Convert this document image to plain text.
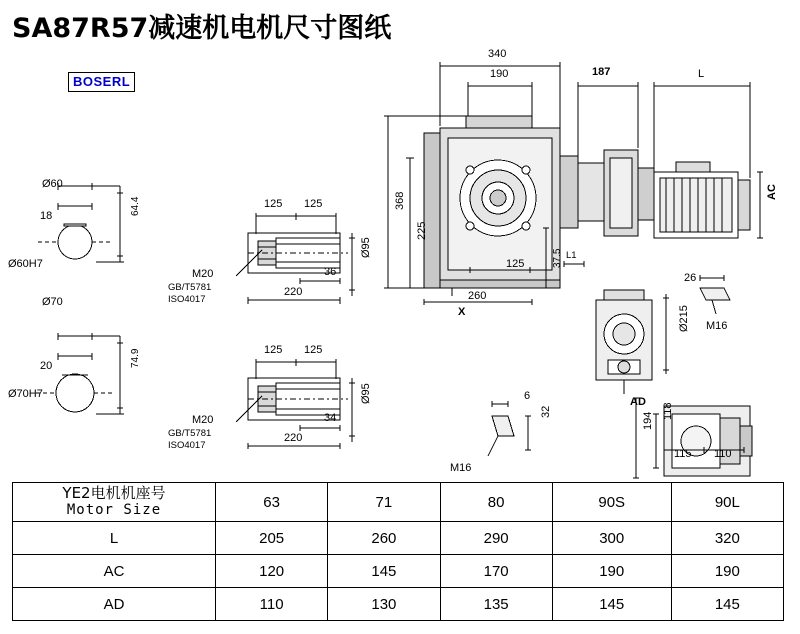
SA87R57减速机电机尺寸图纸
BOSERL
340
190	187	L
368
225
37.5
AC
125
260
X
L1
Ø215
26
M16
AD
194
118
115 110
6
32
M16
Ø60
18	64.4
Ø60H7
Ø70
20	74.9
Ø70H7
125 125
36
220
Ø95
M20
GB/T5781
ISO4017
125 125
34
220
Ø95
M20
GB/T5781
ISO4017
YE2电机机座号
Motor Size	63	71	80	90S	90L
L	205	260	290	300	320
AC	120	145	170	190	190
AD	110	130	135	145	145
